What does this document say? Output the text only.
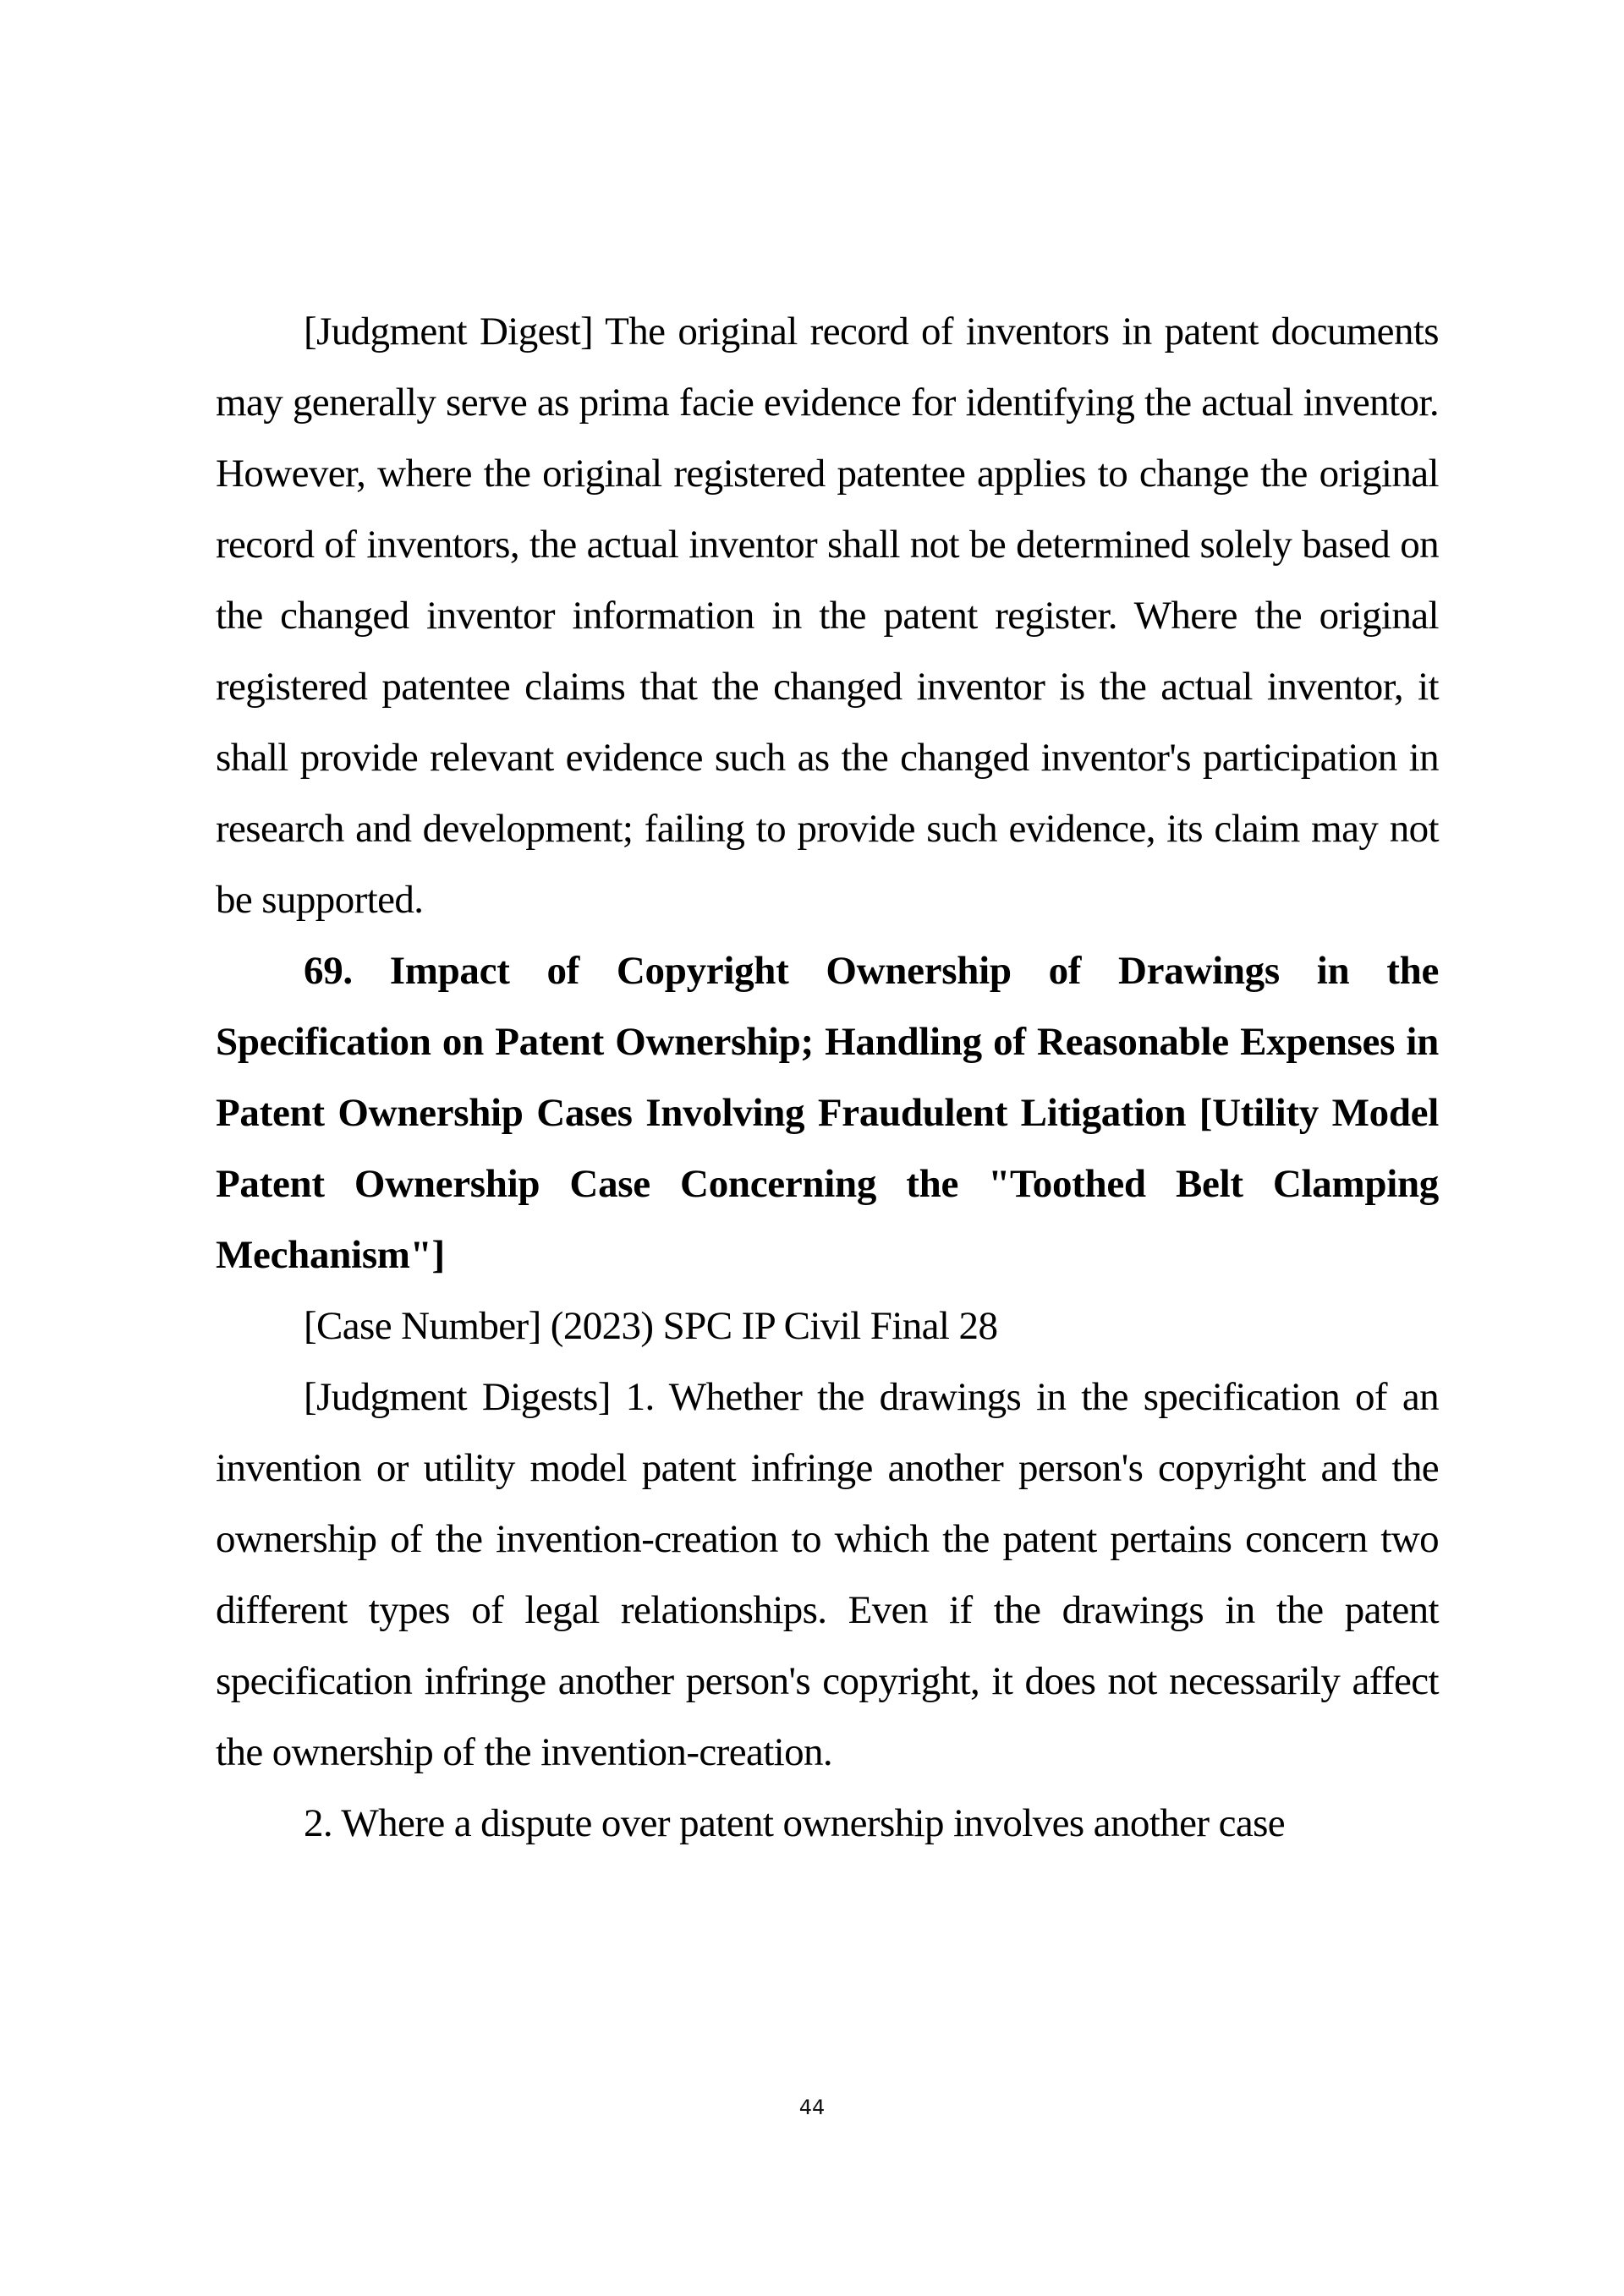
[Judgment Digest] The original record of inventors in patent documents may generally serve as prima facie evidence for identifying the actual inventor. However, where the original registered patentee applies to change the original record of inventors, the actual inventor shall not be determined solely based on the changed inventor information in the patent register. Where the original registered patentee claims that the changed inventor is the actual inventor, it shall provide relevant evidence such as the changed inventor's participation in research and development; failing to provide such evidence, its claim may not be supported.

69. Impact of Copyright Ownership of Drawings in the Specification on Patent Ownership; Handling of Reasonable Expenses in Patent Ownership Cases Involving Fraudulent Litigation [Utility Model Patent Ownership Case Concerning the "Toothed Belt Clamping Mechanism"]

[Case Number] (2023) SPC IP Civil Final 28

[Judgment Digests] 1. Whether the drawings in the specification of an invention or utility model patent infringe another person's copyright and the ownership of the invention-creation to which the patent pertains concern two different types of legal relationships. Even if the drawings in the patent specification infringe another person's copyright, it does not necessarily affect the ownership of the invention-creation.

2. Where a dispute over patent ownership involves another case

44
